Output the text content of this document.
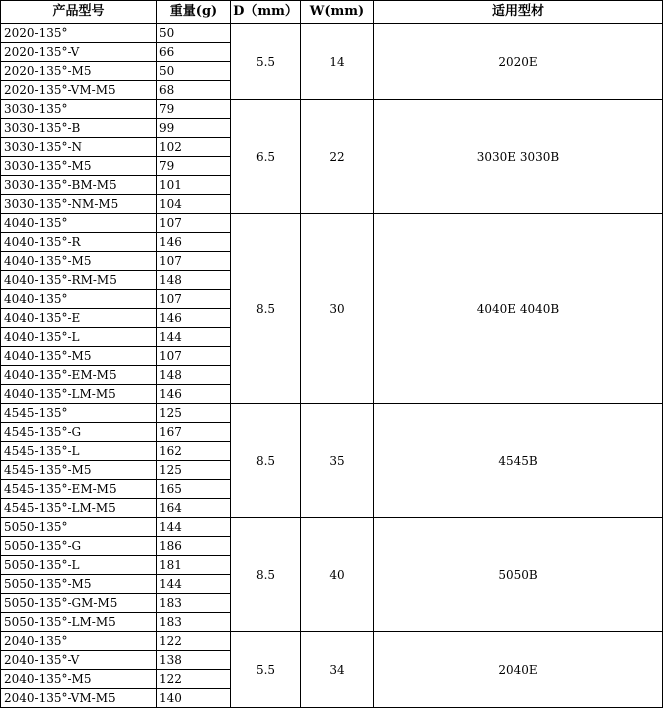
产品型号	重量(g)	D（mm）	W(mm)	适用型材
2020-135°	50	5.5	14	2020E
2020-135°-V	66			
2020-135°-M5	50			
2020-135°-VM-M5	68			
3030-135°	79	6.5	22	3030E 3030B
3030-135°-B	99			
3030-135°-N	102			
3030-135°-M5	79			
3030-135°-BM-M5	101			
3030-135°-NM-M5	104			
4040-135°	107	8.5	30	4040E 4040B
4040-135°-R	146			
4040-135°-M5	107			
4040-135°-RM-M5	148			
4040-135°	107			
4040-135°-E	146			
4040-135°-L	144			
4040-135°-M5	107			
4040-135°-EM-M5	148			
4040-135°-LM-M5	146			
4545-135°	125	8.5	35	4545B
4545-135°-G	167			
4545-135°-L	162			
4545-135°-M5	125			
4545-135°-EM-M5	165			
4545-135°-LM-M5	164			
5050-135°	144	8.5	40	5050B
5050-135°-G	186			
5050-135°-L	181			
5050-135°-M5	144			
5050-135°-GM-M5	183			
5050-135°-LM-M5	183			
2040-135°	122	5.5	34	2040E
2040-135°-V	138			
2040-135°-M5	122			
2040-135°-VM-M5	140			
